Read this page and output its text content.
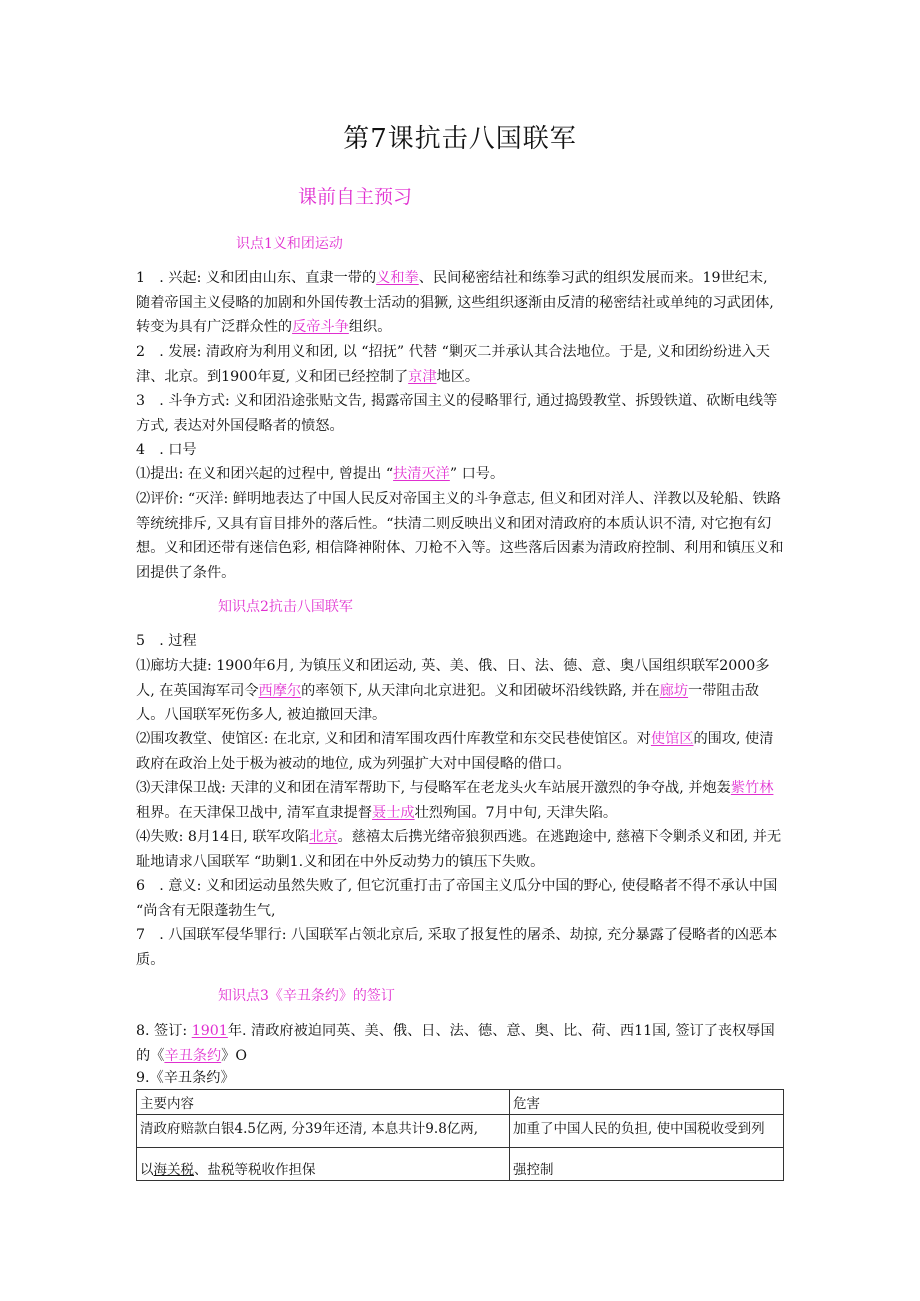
第7课抗击八国联军
课前自主预习
识点1义和团运动
1　. 兴起: 义和团由山东、直隶一带的义和拳、民间秘密结社和练拳习武的组织发展而来。19世纪末, 随着帝国主义侵略的加剧和外国传教士活动的猖獗, 这些组织逐渐由反清的秘密结社或单纯的习武团体, 转变为具有广泛群众性的反帝斗争组织。
2　. 发展: 清政府为利用义和团, 以 “招抚” 代替 “剿灭二并承认其合法地位。于是, 义和团纷纷进入天津、北京。到1900年夏, 义和团已经控制了京津地区。
3　. 斗争方式: 义和团沿途张贴文告, 揭露帝国主义的侵略罪行, 通过捣毁教堂、拆毁铁道、砍断电线等方式, 表达对外国侵略者的愤怒。
4　. 口号
⑴提出: 在义和团兴起的过程中, 曾提出 “扶清灭洋” 口号。
⑵评价: “灭洋: 鲜明地表达了中国人民反对帝国主义的斗争意志, 但义和团对洋人、洋教以及轮船、铁路等统统排斥, 又具有盲目排外的落后性。“扶清二则反映出义和团对清政府的本质认识不清, 对它抱有幻想。义和团还带有迷信色彩, 相信降神附体、刀枪不入等。这些落后因素为清政府控制、利用和镇压义和团提供了条件。
知识点2抗击八国联军
5　. 过程
⑴廊坊大捷: 1900年6月, 为镇压义和团运动, 英、美、俄、日、法、德、意、奥八国组织联军2000多人, 在英国海军司令西摩尔的率领下, 从天津向北京进犯。义和团破坏沿线铁路, 并在廊坊一带阻击敌人。八国联军死伤多人, 被迫撤回天津。
⑵围攻教堂、使馆区: 在北京, 义和团和清军围攻西什库教堂和东交民巷使馆区。对使馆区的围攻, 使清政府在政治上处于极为被动的地位, 成为列强扩大对中国侵略的借口。
⑶天津保卫战: 天津的义和团在清军帮助下, 与侵略军在老龙头火车站展开激烈的争夺战, 并炮轰紫竹林租界。在天津保卫战中, 清军直隶提督聂士成壮烈殉国。7月中旬, 天津失陷。
⑷失败: 8月14日, 联军攻陷北京。慈禧太后携光绪帝狼狈西逃。在逃跑途中, 慈禧下令剿杀义和团, 并无耻地请求八国联军 “助剿1.义和团在中外反动势力的镇压下失败。
6　. 意义: 义和团运动虽然失败了, 但它沉重打击了帝国主义瓜分中国的野心, 使侵略者不得不承认中国 “尚含有无限蓬勃生气,
7　. 八国联军侵华罪行: 八国联军占领北京后, 采取了报复性的屠杀、劫掠, 充分暴露了侵略者的凶恶本质。
知识点3《辛丑条约》的签订
8. 签订: 1901年. 清政府被迫同英、美、俄、日、法、德、意、奥、比、荷、西11国, 签订了丧权辱国的《辛丑条约》O
9.《辛丑条约》
主要内容	危害
清政府赔款白银4.5亿两, 分39年还清, 本息共计9.8亿两,	加重了中国人民的负担, 使中国税收受到列
以海关税、盐税等税收作担保	强控制
